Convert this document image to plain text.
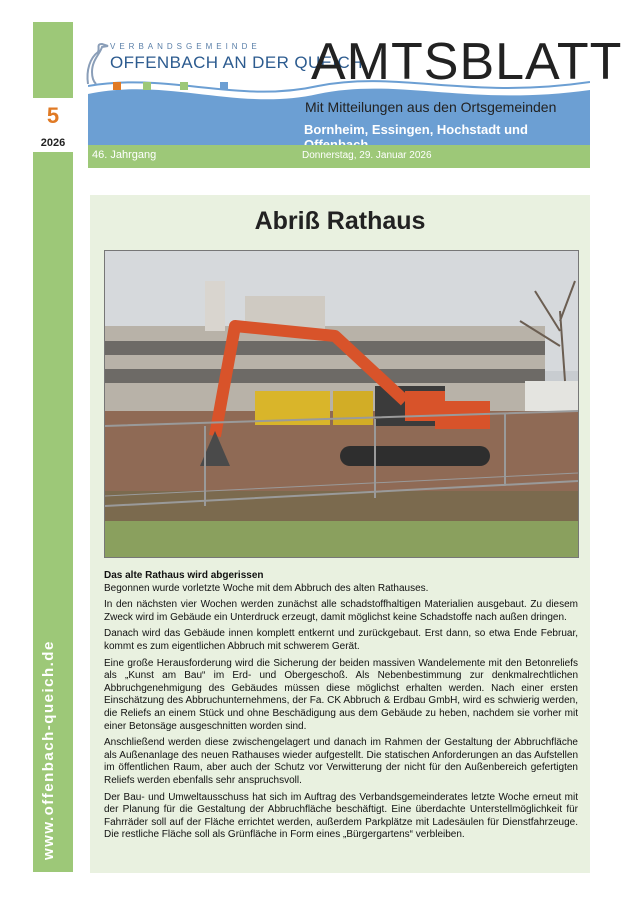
5
2026
www.offenbach-queich.de
VERBANDSGEMEINDE
OFFENBACH AN DER QUEICH
AMTSBLATT
Mit Mitteilungen aus den Ortsgemeinden
Bornheim, Essingen, Hochstadt und
46. Jahrgang	Donnerstag, 29. Januar 2026
Abriß Rathaus

Das alte Rathaus wird abgerissen

Begonnen wurde vorletzte Woche mit dem Abbruch des alten Rathauses.

In den nächsten vier Wochen werden zunächst alle schadstoffhaltigen Materialien ausgebaut. Zu diesem Zweck wird im Gebäude ein Unterdruck erzeugt, damit möglichst keine Schadstoffe nach außen dringen.

Danach wird das Gebäude innen komplett entkernt und zurückgebaut. Erst dann, so etwa Ende Februar, kommt es zum eigentlichen Abbruch mit schwerem Gerät.

Eine große Herausforderung wird die Sicherung der beiden massiven Wandelemente mit den Betonreliefs als „Kunst am Bau“ im Erd- und Obergeschoß. Als Nebenbestimmung zur denkmalrechtlichen Abbruchgenehmigung des Gebäudes müssen diese möglichst erhalten werden. Nach einer ersten Einschätzung des Abbruchunternehmens, der Fa. CK Abbruch & Erdbau GmbH, wird es schwierig werden, die Reliefs an einem Stück und ohne Beschädigung aus dem Gebäude zu heben, nachdem sie vorher mit einer Betonsäge ausgeschnitten worden sind.

Anschließend werden diese zwischengelagert und danach im Rahmen der Gestaltung der Abbruchfläche als Außenanlage des neuen Rathauses wieder aufgestellt. Die statischen Anforderungen an das Aufstellen im öffentlichen Raum, aber auch der Schutz vor Verwitterung der nicht für den Außenbereich gefertigten Reliefs werden ebenfalls sehr anspruchsvoll.

Der Bau- und Umweltausschuss hat sich im Auftrag des Verbandsgemeinderates letzte Woche erneut mit der Planung für die Gestaltung der Abbruchfläche beschäftigt. Eine überdachte Unterstellmöglichkeit für Fahrräder soll auf der Fläche errichtet werden, außerdem Parkplätze mit Ladesäulen für Dienstfahrzeuge. Die restliche Fläche soll als Grünfläche in Form eines „Bürgergartens“ verbleiben.
